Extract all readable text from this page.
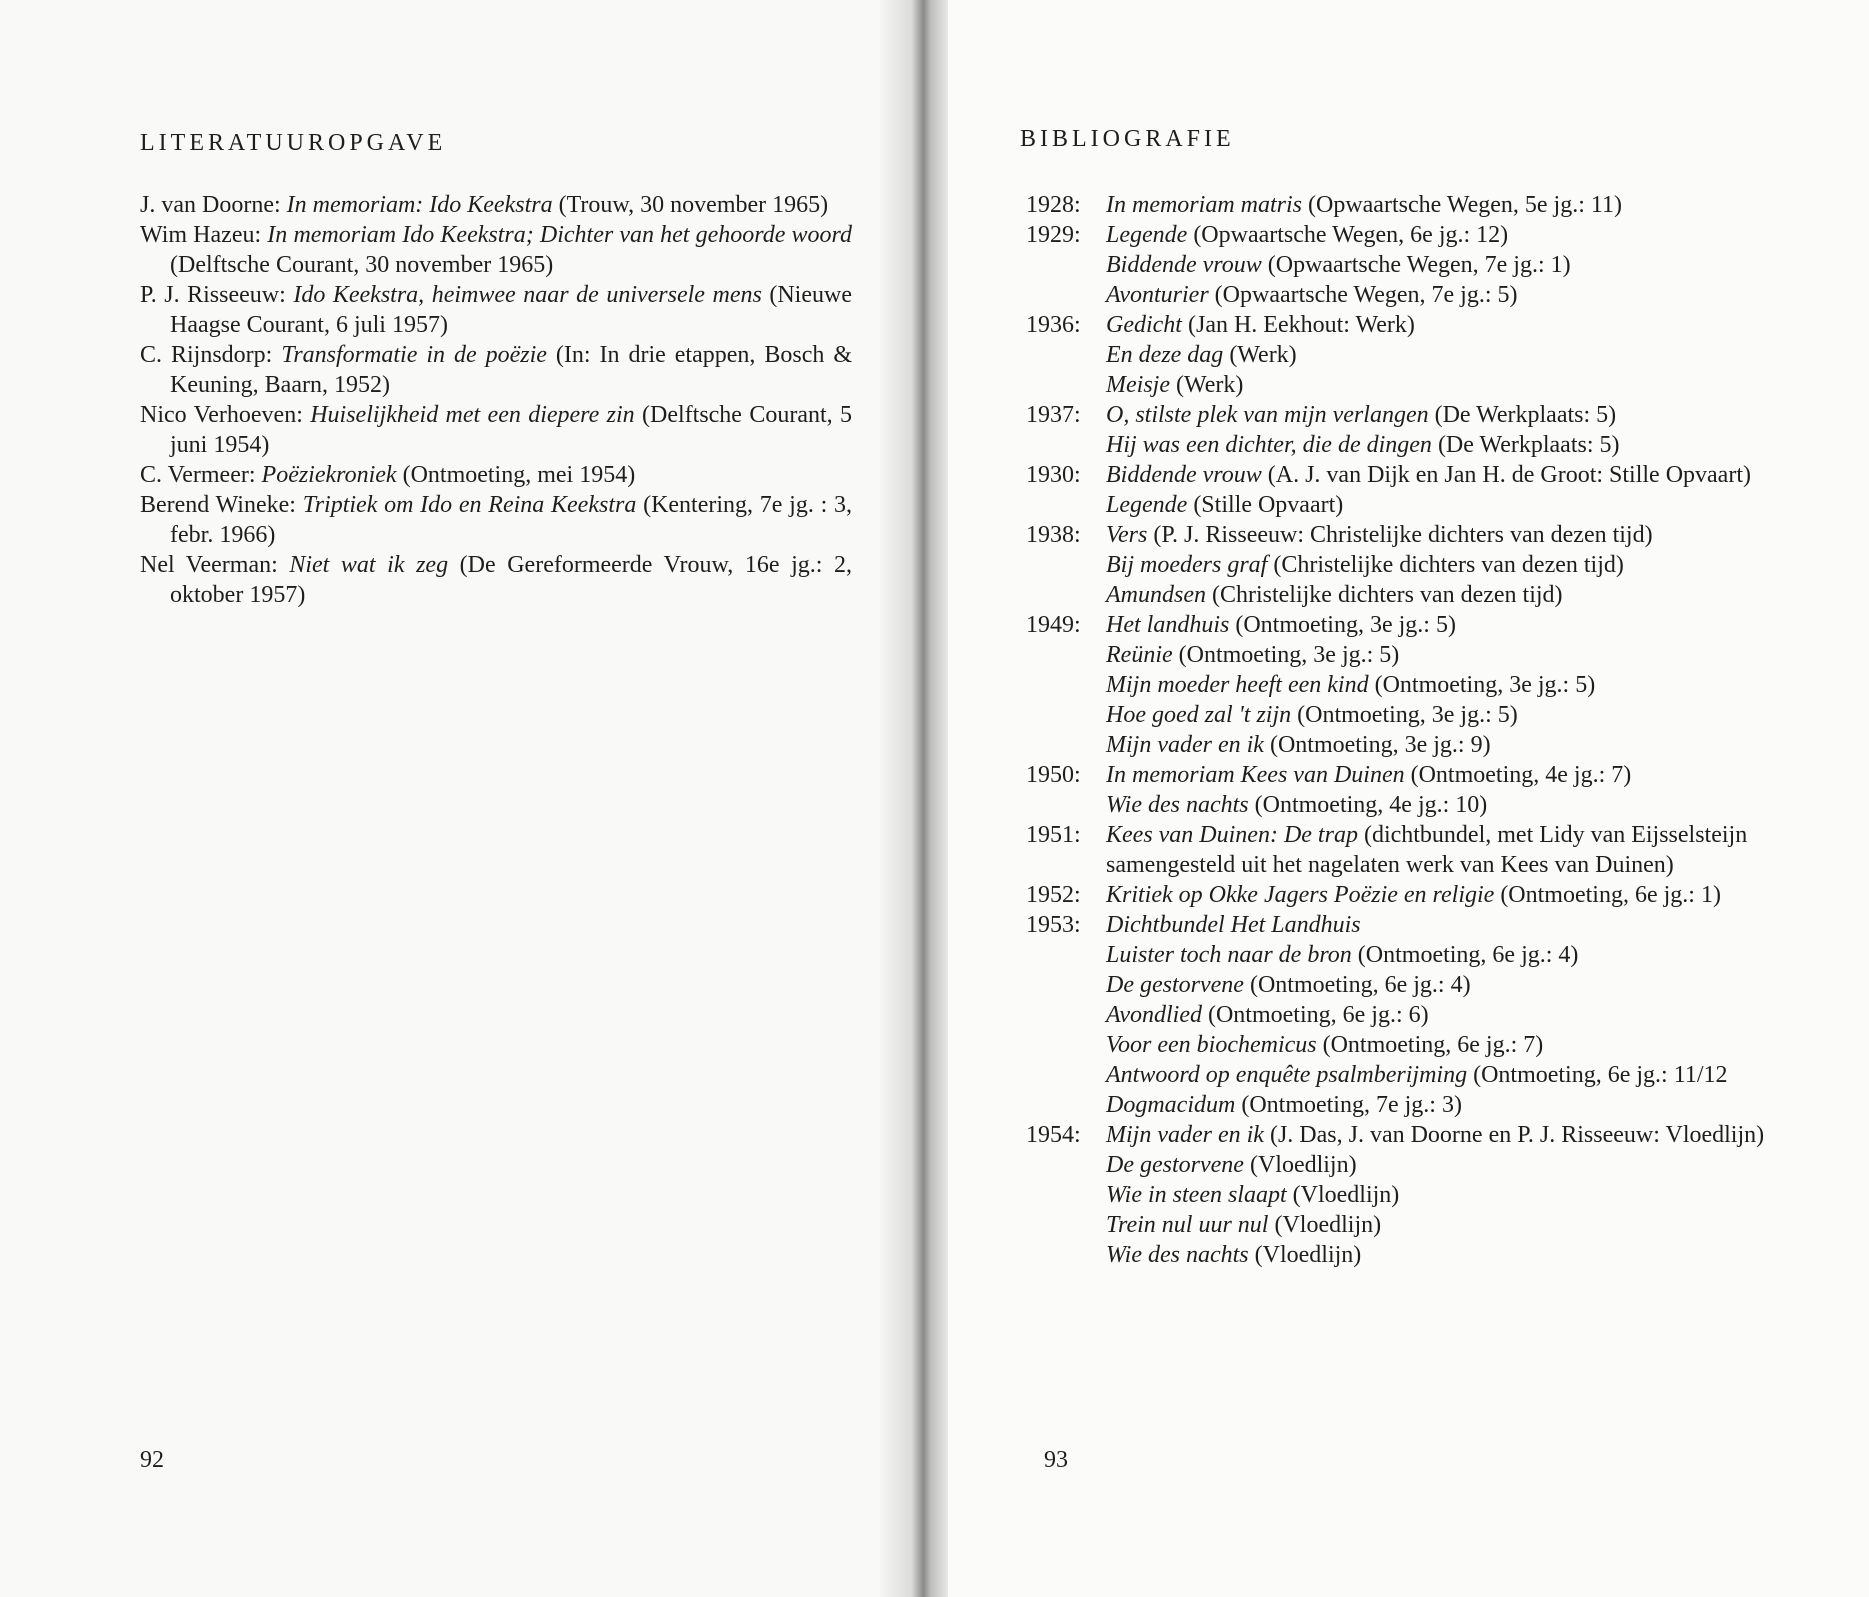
LITERATUUROPGAVE

J. van Doorne: In memoriam: Ido Keekstra (Trouw, 30 november 1965)

Wim Hazeu: In memoriam Ido Keekstra; Dichter van het gehoorde woord (Delftsche Courant, 30 november 1965)

P. J. Risseeuw: Ido Keekstra, heimwee naar de universele mens (Nieuwe Haagse Courant, 6 juli 1957)

C. Rijnsdorp: Transformatie in de poëzie (In: In drie etappen, Bosch & Keuning, Baarn, 1952)

Nico Verhoeven: Huiselijkheid met een diepere zin (Delftsche Courant, 5 juni 1954)

C. Vermeer: Poëziekroniek (Ontmoeting, mei 1954)

Berend Wineke: Triptiek om Ido en Reina Keekstra (Kentering, 7e jg. : 3, febr. 1966)

Nel Veerman: Niet wat ik zeg (De Gereformeerde Vrouw, 16e jg.: 2, oktober 1957)

92
BIBLIOGRAFIE
1928:	In memoriam matris (Opwaartsche Wegen, 5e jg.: 11)

1929:	Legende (Opwaartsche Wegen, 6e jg.: 12)

Biddende vrouw (Opwaartsche Wegen, 7e jg.: 1)

Avonturier (Opwaartsche Wegen, 7e jg.: 5)

1936:	Gedicht (Jan H. Eekhout: Werk)

En deze dag (Werk)

Meisje (Werk)

1937:	O, stilste plek van mijn verlangen (De Werkplaats: 5)

Hij was een dichter, die de dingen (De Werkplaats: 5)

1930:	Biddende vrouw (A. J. van Dijk en Jan H. de Groot: Stille Opvaart)

Legende (Stille Opvaart)

1938:	Vers (P. J. Risseeuw: Christelijke dichters van dezen tijd)

Bij moeders graf (Christelijke dichters van dezen tijd)

Amundsen (Christelijke dichters van dezen tijd)

1949:	Het landhuis (Ontmoeting, 3e jg.: 5)

Reünie (Ontmoeting, 3e jg.: 5)

Mijn moeder heeft een kind (Ontmoeting, 3e jg.: 5)

Hoe goed zal 't zijn (Ontmoeting, 3e jg.: 5)

Mijn vader en ik (Ontmoeting, 3e jg.: 9)

1950:	In memoriam Kees van Duinen (Ontmoeting, 4e jg.: 7)

Wie des nachts (Ontmoeting, 4e jg.: 10)

1951:	Kees van Duinen: De trap (dichtbundel, met Lidy van Eijsselsteijn samengesteld uit het nagelaten werk van Kees van Duinen)

1952:	Kritiek op Okke Jagers Poëzie en religie (Ontmoeting, 6e jg.: 1)

1953:	Dichtbundel Het Landhuis

Luister toch naar de bron (Ontmoeting, 6e jg.: 4)

De gestorvene (Ontmoeting, 6e jg.: 4)

Avondlied (Ontmoeting, 6e jg.: 6)

Voor een biochemicus (Ontmoeting, 6e jg.: 7)

Antwoord op enquête psalmberijming (Ontmoeting, 6e jg.: 11/12

Dogmacidum (Ontmoeting, 7e jg.: 3)

1954:	Mijn vader en ik (J. Das, J. van Doorne en P. J. Risseeuw: Vloedlijn)

De gestorvene (Vloedlijn)

Wie in steen slaapt (Vloedlijn)

Trein nul uur nul (Vloedlijn)

Wie des nachts (Vloedlijn)

93
